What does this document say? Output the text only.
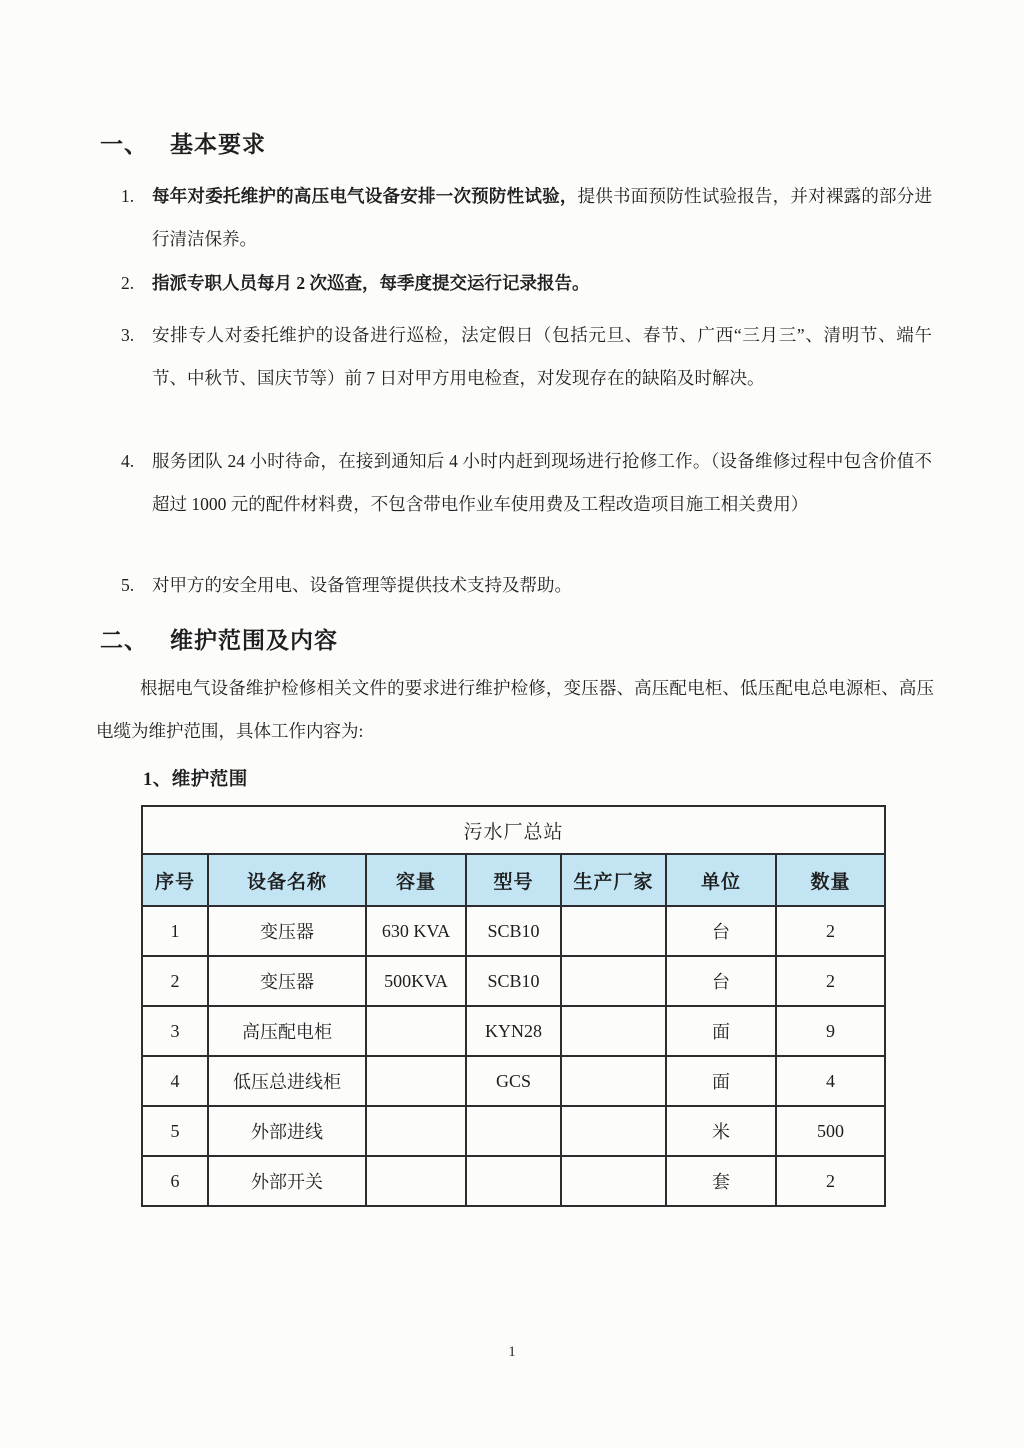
一、 基本要求
1.	每年对委托维护的高压电气设备安排一次预防性试验，提供书面预防性试验报告，并对裸露的部分进行清洁保养。
2.	指派专职人员每月 2 次巡查，每季度提交运行记录报告。
3.	安排专人对委托维护的设备进行巡检，法定假日（包括元旦、春节、广西“三月三”、清明节、端午节、中秋节、国庆节等）前 7 日对甲方用电检查，对发现存在的缺陷及时解决。
4.	服务团队 24 小时待命，在接到通知后 4 小时内赶到现场进行抢修工作。（设备维修过程中包含价值不超过 1000 元的配件材料费，不包含带电作业车使用费及工程改造项目施工相关费用）
5.	对甲方的安全用电、设备管理等提供技术支持及帮助。
二、 维护范围及内容
根据电气设备维护检修相关文件的要求进行维护检修，变压器、高压配电柜、低压配电总电源柜、高压电缆为维护范围，具体工作内容为:
1、维护范围
污水厂总站						
序号	设备名称	容量	型号	生产厂家	单位	数量
1	变压器	630 KVA	SCB10		台	2
2	变压器	500KVA	SCB10		台	2
3	高压配电柜		KYN28		面	9
4	低压总进线柜		GCS		面	4
5	外部进线				米	500
6	外部开关				套	2
1
